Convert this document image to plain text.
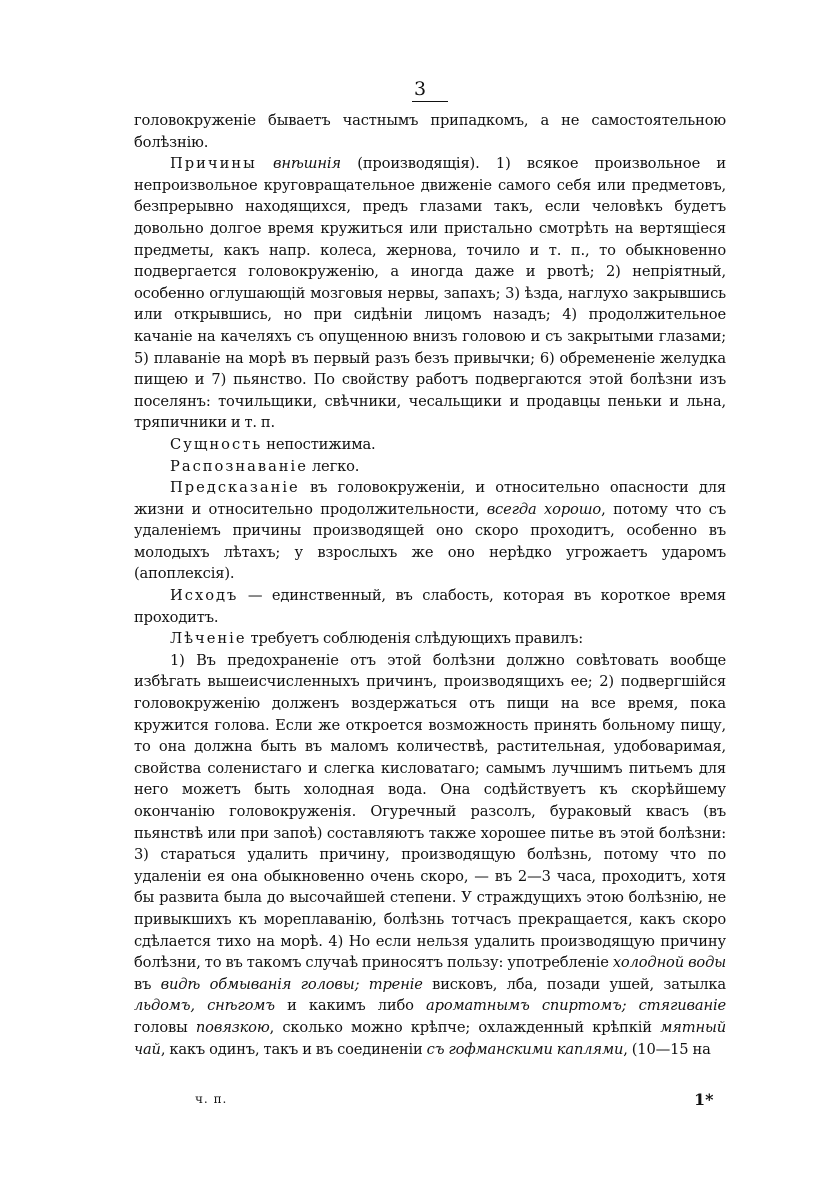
3

головокруженіе бываетъ частнымъ припадкомъ, а не самостоятельною болѣзнію.

Причины внѣшнія (производящія). 1) всякое произвольное и непроизвольное круговращательное движеніе самого себя или предметовъ, безпрерывно находящихся, предъ глазами такъ, если человѣкъ будетъ довольно долгое время кружиться или пристально смотрѣть на вертящіеся предметы, какъ напр. колеса, жернова, точило и т. п., то обыкновенно подвергается головокруженію, а иногда даже и рвотѣ; 2) непріятный, особенно оглушающій мозговыя нервы, запахъ; 3) ѣзда, наглухо закрывшись или открывшись, но при сидѣніи лицомъ назадъ; 4) продолжительное качаніе на качеляхъ съ опущенною внизъ головою и съ закрытыми глазами; 5) плаваніе на морѣ въ первый разъ безъ привычки; 6) обремененіе желудка пищею и 7) пьянство. По свойству работъ подвергаются этой болѣзни изъ поселянъ: точильщики, свѣчники, чесальщики и продавцы пеньки и льна, тряпичники и т. п.

Сущность непостижима.

Распознаваніе легко.

Предсказаніе въ головокруженіи, и относительно опасности для жизни и относительно продолжительности, всегда хорошо, потому что съ удаленіемъ причины производящей оно скоро проходитъ, особенно въ молодыхъ лѣтахъ; у взрослыхъ же оно нерѣдко угрожаетъ ударомъ (апоплексія).

Исходъ — единственный, въ слабость, которая въ короткое время проходитъ.

Лѣченіе требуетъ соблюденія слѣдующихъ правилъ:

1) Въ предохраненіе отъ этой болѣзни должно совѣтовать вообще избѣгать вышеисчисленныхъ причинъ, производящихъ ее; 2) подвергшійся головокруженію долженъ воздержаться отъ пищи на все время, пока кружится голова. Если же откроется возможность принять больному пищу, то она должна быть въ маломъ количествѣ, растительная, удобоваримая, свойства соленистаго и слегка кисловатаго; самымъ лучшимъ питьемъ для него можетъ быть холодная вода. Она содѣйствуетъ къ скорѣйшему окончанію головокруженія. Огуречный разсолъ, бураковый квасъ (въ пьянствѣ или при запоѣ) составляютъ также хорошее питье въ этой болѣзни: 3) стараться удалить причину, производящую болѣзнь, потому что по удаленіи ея она обыкновенно очень скоро, — въ 2—3 часа, проходитъ, хотя бы развита была до высочайшей степени. У страждущихъ этою болѣзнію, не привыкшихъ къ мореплаванію, болѣзнь тотчасъ прекращается, какъ скоро сдѣлается тихо на морѣ. 4) Но если нельзя удалить производящую причину болѣзни, то въ такомъ случаѣ приносятъ пользу: употребленіе холодной воды въ видѣ обмыванія головы; треніе висковъ, лба, позади ушей, затылка льдомъ, снѣгомъ и какимъ либо ароматнымъ спиртомъ; стягиваніе головы повязкою, сколько можно крѣпче; охлажденный крѣпкій мятный чай, какъ одинъ, такъ и въ соединеніи съ гофманскими каплями, (10—15 на

ч. п.	1*
